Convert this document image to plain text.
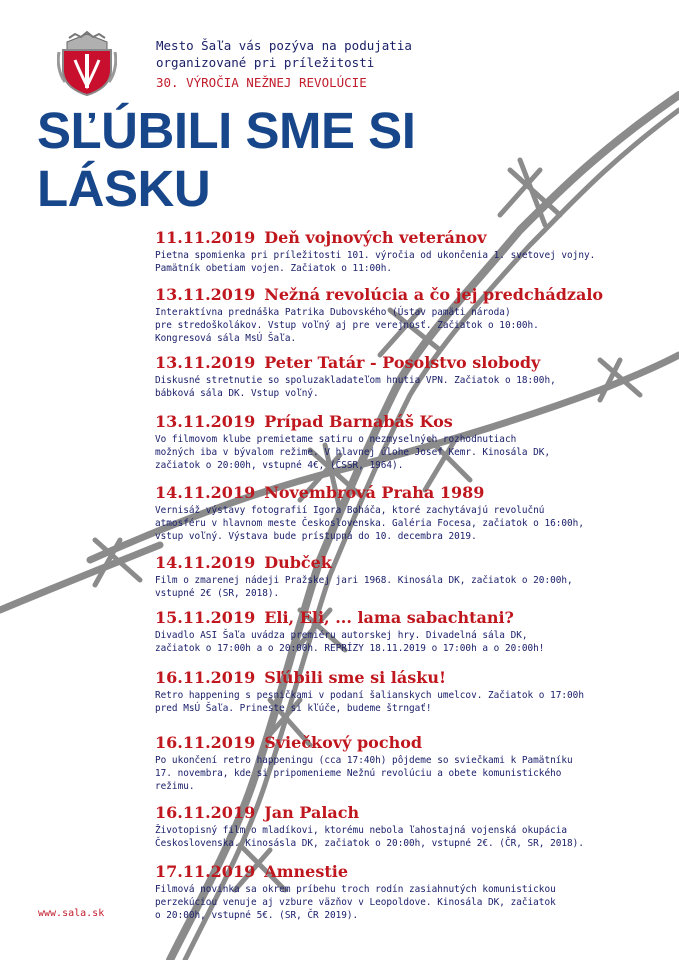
Mesto Šaľa vás pozýva na podujatia
organizované pri príležitosti
30. VÝROČIA NEŽNEJ REVOLÚCIE
SĽÚBILI SME SI
LÁSKU
11.11.2019 Deň vojnových veteránov
Pietna spomienka pri príležitosti 101. výročia od ukončenia 1. svetovej vojny.
Pamätník obetiam vojen. Začiatok o 11:00h.
13.11.2019 Nežná revolúcia a čo jej predchádzalo
Interaktívna prednáška Patrika Dubovského (Ústav pamäti národa)
pre stredoškolákov. Vstup voľný aj pre verejnosť. Začiatok o 10:00h.
Kongresová sála MsÚ Šaľa.
13.11.2019 Peter Tatár - Posolstvo slobody
Diskusné stretnutie so spoluzakladateľom hnutia VPN. Začiatok o 18:00h,
bábková sála DK. Vstup voľný.
13.11.2019 Prípad Barnabáš Kos
Vo filmovom klube premietame satiru o nezmyselných rozhodnutiach
možných iba v bývalom režime. V hlavnej úlohe Josef Kemr. Kinosála DK,
začiatok o 20:00h, vstupné 4€, (ČSSR, 1964).
14.11.2019 Novembrová Praha 1989
Vernisáž výstavy fotografií Igora Boháča, ktoré zachytávajú revolučnú
atmosféru v hlavnom meste Československa. Galéria Focesa, začiatok o 16:00h,
vstup voľný. Výstava bude prístupná do 10. decembra 2019.
14.11.2019 Dubček
Film o zmarenej nádeji Pražskej jari 1968. Kinosála DK, začiatok o 20:00h,
vstupné 2€ (SR, 2018).
15.11.2019 Eli, Eli, ... lama sabachtani?
Divadlo ASI Šaľa uvádza premiéru autorskej hry. Divadelná sála DK,
začiatok o 17:00h a o 20:00h. REPRÍZY 18.11.2019 o 17:00h a o 20:00h!
16.11.2019 Sľúbili sme si lásku!
Retro happening s pesničkami v podaní šalianskych umelcov. Začiatok o 17:00h
pred MsÚ Šaľa. Prineste si kľúče, budeme štrngať!
16.11.2019 Sviečkový pochod
Po ukončení retro happeningu (cca 17:40h) pôjdeme so sviečkami k Pamätníku
17. novembra, kde si pripomenieme Nežnú revolúciu a obete komunistického
režimu.
16.11.2019 Jan Palach
Životopisný film o mladíkovi, ktorému nebola ľahostajná vojenská okupácia
Československa. Kinosásla DK, začiatok o 20:00h, vstupné 2€. (ČR, SR, 2018).
17.11.2019 Amnestie
Filmová novinka sa okrem príbehu troch rodín zasiahnutých komunistickou
perzekúciou venuje aj vzbure väzňov v Leopoldove. Kinosála DK, začiatok
o 20:00h, vstupné 5€. (SR, ČR 2019).
www.sala.sk
